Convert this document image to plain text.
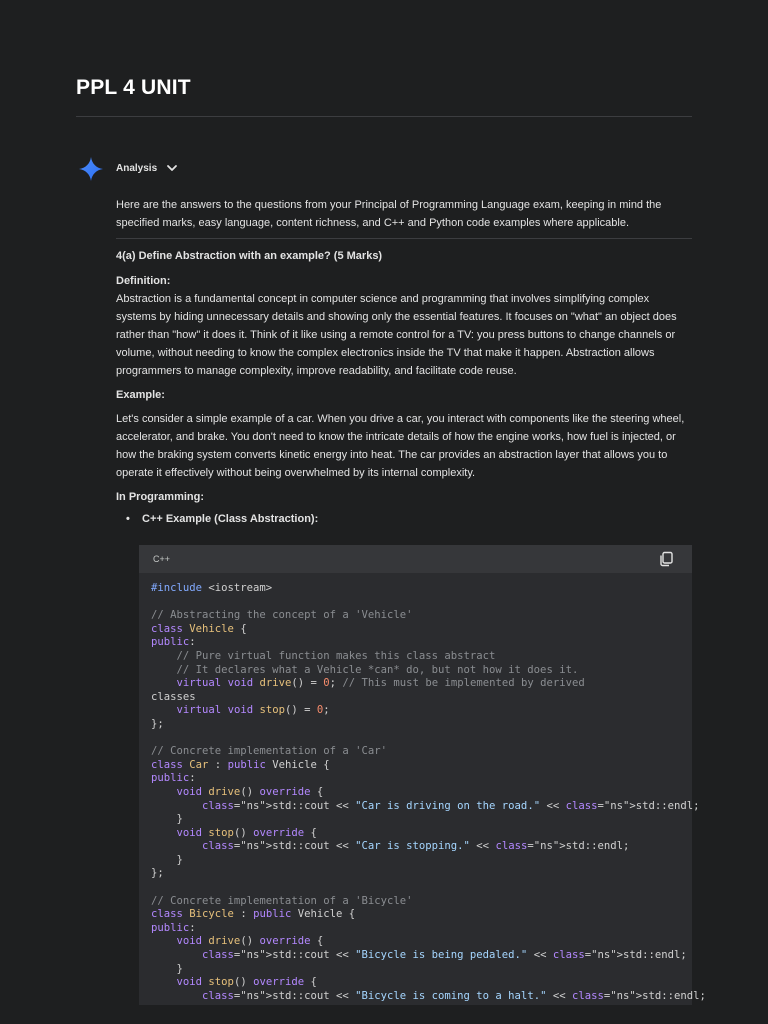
PPL 4 UNIT
Analysis

Here are the answers to the questions from your Principal of Programming Language exam, keeping in mind the specified marks, easy language, content richness, and C++ and Python code examples where applicable.

4(a) Define Abstraction with an example? (5 Marks)

Definition:

Abstraction is a fundamental concept in computer science and programming that involves simplifying complex systems by hiding unnecessary details and showing only the essential features. It focuses on "what" an object does rather than "how" it does it. Think of it like using a remote control for a TV: you press buttons to change channels or volume, without needing to know the complex electronics inside the TV that make it happen. Abstraction allows programmers to manage complexity, improve readability, and facilitate code reuse.

Example:

Let's consider a simple example of a car. When you drive a car, you interact with components like the steering wheel, accelerator, and brake. You don't need to know the intricate details of how the engine works, how fuel is injected, or how the braking system converts kinetic energy into heat. The car provides an abstraction layer that allows you to operate it effectively without being overwhelmed by its internal complexity.

In Programming:

•	C++ Example (Class Abstraction):
C++
#include <iostream>

// Abstracting the concept of a 'Vehicle'
class Vehicle {
public:
// Pure virtual function makes this class abstract
// It declares what a Vehicle *can* do, but not how it does it.
virtual void drive() = 0; // This must be implemented by derived
classes
virtual void stop() = 0;
};

// Concrete implementation of a 'Car'
class Car : public Vehicle {
public:
void drive() override {
class="ns">std::cout << "Car is driving on the road." << class="ns">std::endl;
}
void stop() override {
class="ns">std::cout << "Car is stopping." << class="ns">std::endl;
}
};

// Concrete implementation of a 'Bicycle'
class Bicycle : public Vehicle {
public:
void drive() override {
class="ns">std::cout << "Bicycle is being pedaled." << class="ns">std::endl;
}
void stop() override {
class="ns">std::cout << "Bicycle is coming to a halt." << class="ns">std::endl;
